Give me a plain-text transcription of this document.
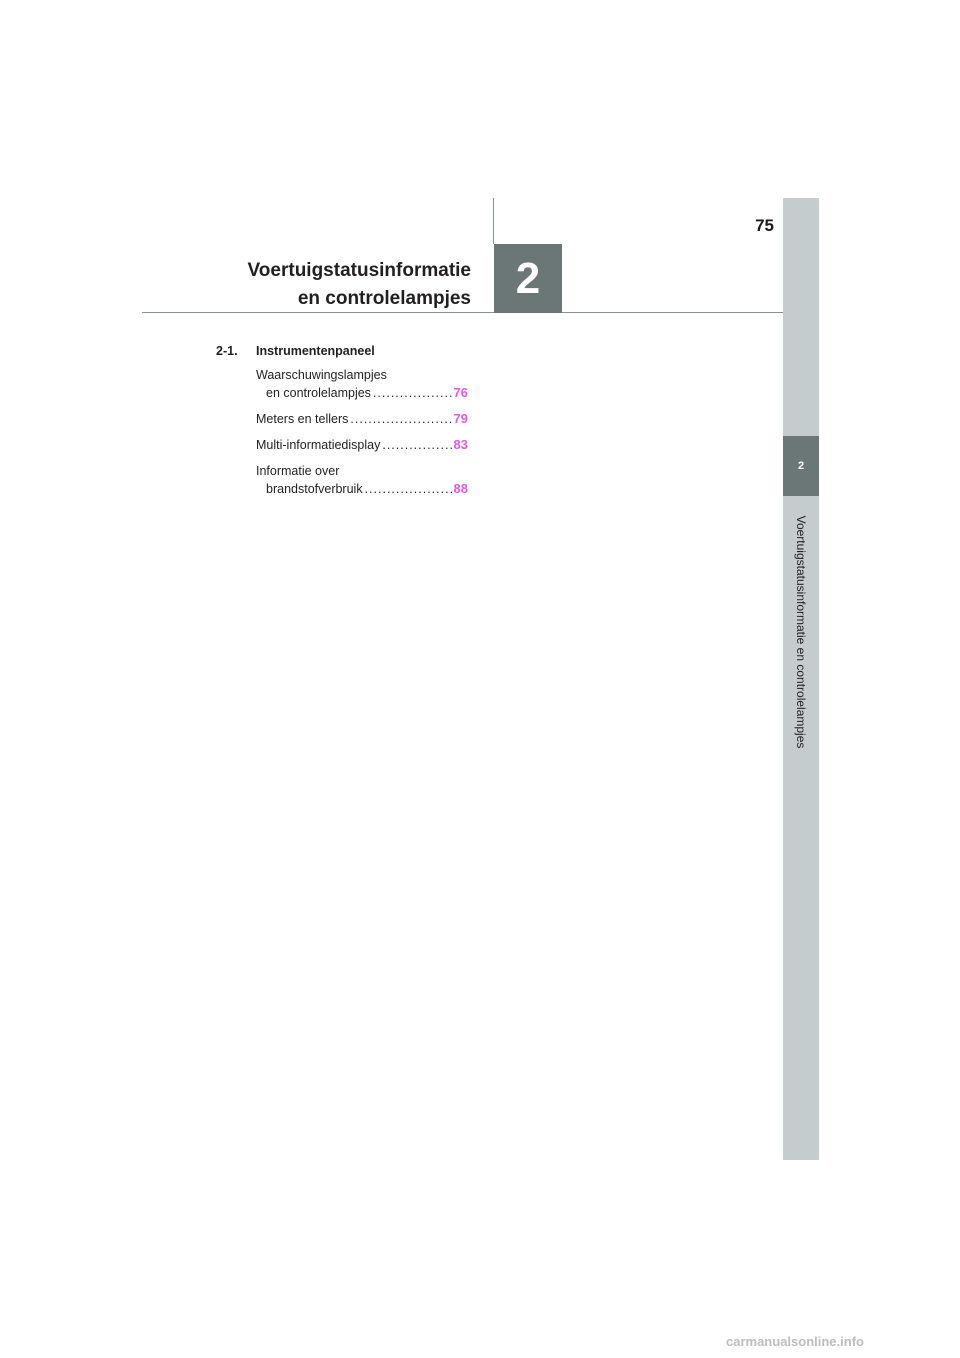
75
2
Voertuigstatusinformatie en controlelampjes
2
Voertuigstatusinformatie
en controlelampjes
2-1.	Instrumentenpaneel
Waarschuwingslampjes
en controlelampjes .....	76
Meters en tellers .....	79
Multi-informatiedisplay .....	83
Informatie over
brandstofverbruik .....	88
carmanualsonline.info
